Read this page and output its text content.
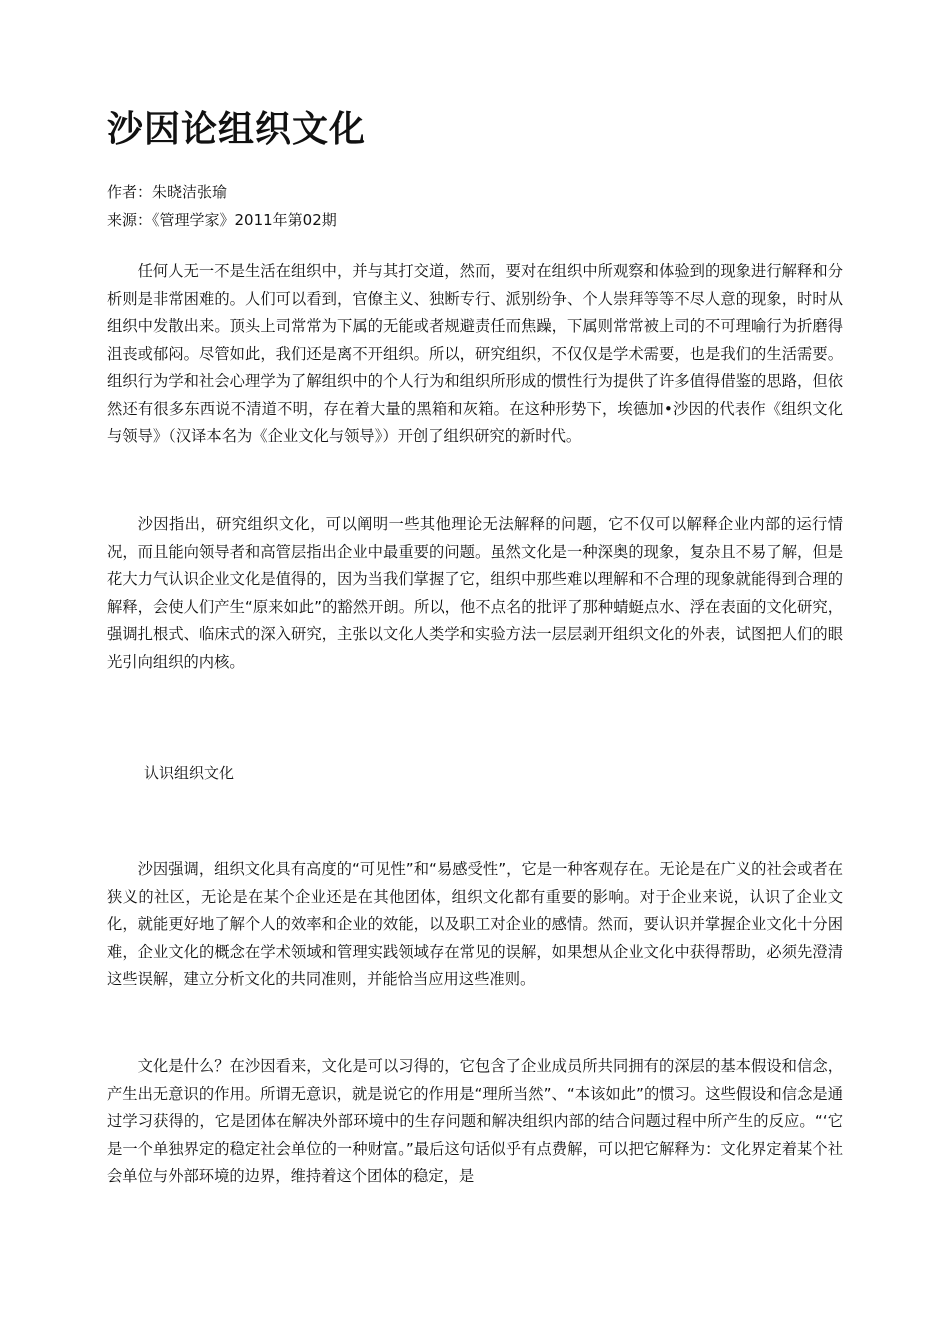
沙因论组织文化
作者：朱晓洁张瑜
来源：《管理学家》2011年第02期

任何人无一不是生活在组织中，并与其打交道，然而，要对在组织中所观察和体验到的现象进行解释和分析则是非常困难的。人们可以看到，官僚主义、独断专行、派别纷争、个人崇拜等等不尽人意的现象，时时从组织中发散出来。顶头上司常常为下属的无能或者规避责任而焦躁，下属则常常被上司的不可理喻行为折磨得沮丧或郁闷。尽管如此，我们还是离不开组织。所以，研究组织，不仅仅是学术需要，也是我们的生活需要。组织行为学和社会心理学为了解组织中的个人行为和组织所形成的惯性行为提供了许多值得借鉴的思路，但依然还有很多东西说不清道不明，存在着大量的黑箱和灰箱。在这种形势下，埃德加•沙因的代表作《组织文化与领导》（汉译本名为《企业文化与领导》）开创了组织研究的新时代。

沙因指出，研究组织文化，可以阐明一些其他理论无法解释的问题，它不仅可以解释企业内部的运行情况，而且能向领导者和高管层指出企业中最重要的问题。虽然文化是一种深奥的现象，复杂且不易了解，但是花大力气认识企业文化是值得的，因为当我们掌握了它，组织中那些难以理解和不合理的现象就能得到合理的解释，会使人们产生“原来如此”的豁然开朗。所以，他不点名的批评了那种蜻蜓点水、浮在表面的文化研究，强调扎根式、临床式的深入研究，主张以文化人类学和实验方法一层层剥开组织文化的外表，试图把人们的眼光引向组织的内核。

认识组织文化

沙因强调，组织文化具有高度的“可见性”和“易感受性”，它是一种客观存在。无论是在广义的社会或者在狭义的社区，无论是在某个企业还是在其他团体，组织文化都有重要的影响。对于企业来说，认识了企业文化，就能更好地了解个人的效率和企业的效能，以及职工对企业的感情。然而，要认识并掌握企业文化十分困难，企业文化的概念在学术领域和管理实践领域存在常见的误解，如果想从企业文化中获得帮助，必须先澄清这些误解，建立分析文化的共同准则，并能恰当应用这些准则。

文化是什么？在沙因看来，文化是可以习得的，它包含了企业成员所共同拥有的深层的基本假设和信念，产生出无意识的作用。所谓无意识，就是说它的作用是“理所当然”、“本该如此”的惯习。这些假设和信念是通过学习获得的，它是团体在解决外部环境中的生存问题和解决组织内部的结合问题过程中所产生的反应。“‘它是一个单独界定的稳定社会单位的一种财富。”最后这句话似乎有点费解，可以把它解释为：文化界定着某个社会单位与外部环境的边界，维持着这个团体的稳定，是
